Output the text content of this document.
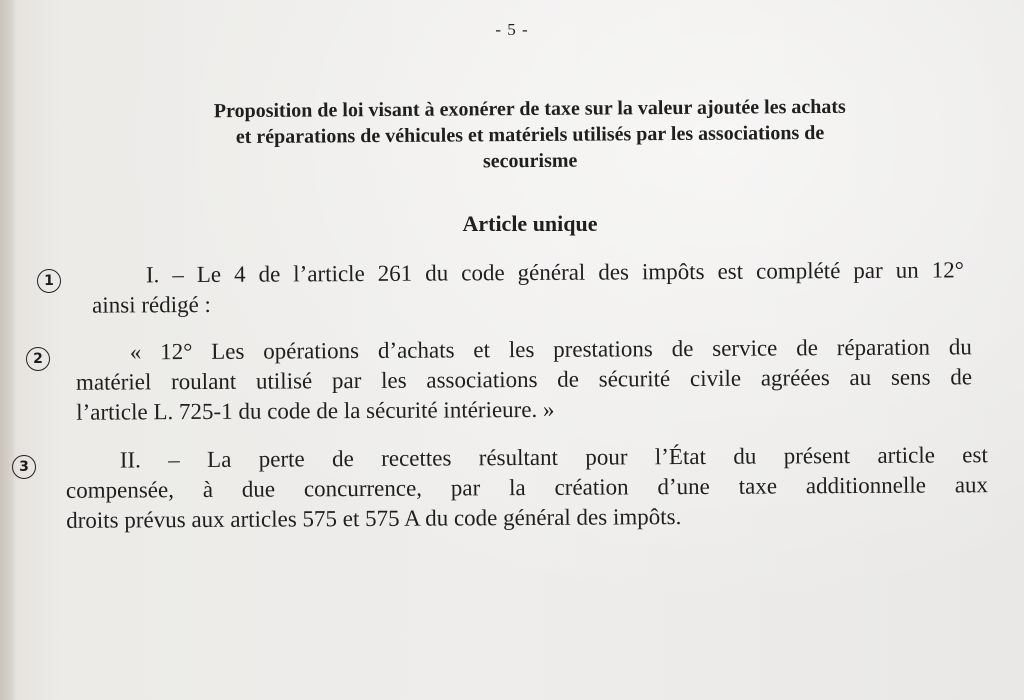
- 5 -
Proposition de loi visant à exonérer de taxe sur la valeur ajoutée les achats
et réparations de véhicules et matériels utilisés par les associations de
secourisme
Article unique
1	I. – Le 4 de l’article 261 du code général des impôts est complété par un 12°
ainsi rédigé :
2	« 12° Les opérations d’achats et les prestations de service de réparation du
matériel roulant utilisé par les associations de sécurité civile agréées au sens de
l’article L. 725-1 du code de la sécurité intérieure. »
3	II. – La perte de recettes résultant pour l’État du présent article est
compensée, à due concurrence, par la création d’une taxe additionnelle aux
droits prévus aux articles 575 et 575 A du code général des impôts.
